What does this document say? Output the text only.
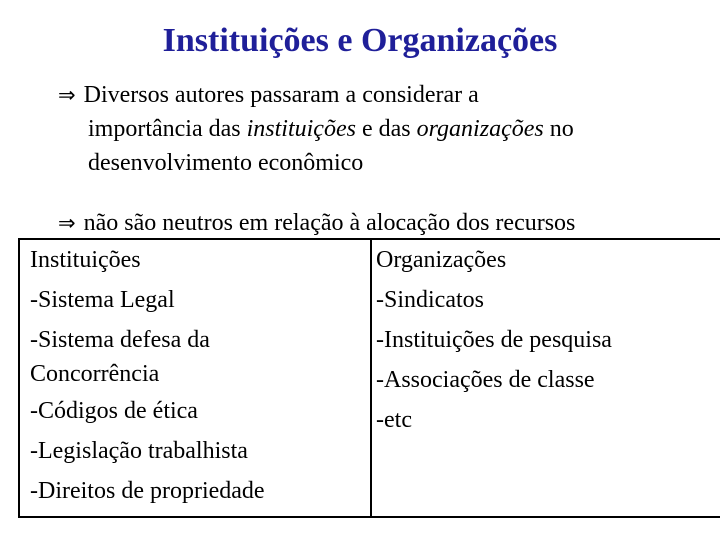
Instituições e Organizações
⇒ Diversos autores passaram a considerar a
importância das instituições e das organizações no
desenvolvimento econômico
⇒ não são neutros em relação à alocação dos recursos
Instituições
-Sistema Legal
-Sistema defesa da
Concorrência
-Códigos de ética
-Legislação trabalhista
-Direitos de propriedade
Organizações
-Sindicatos
-Instituições de pesquisa
-Associações de classe
-etc
